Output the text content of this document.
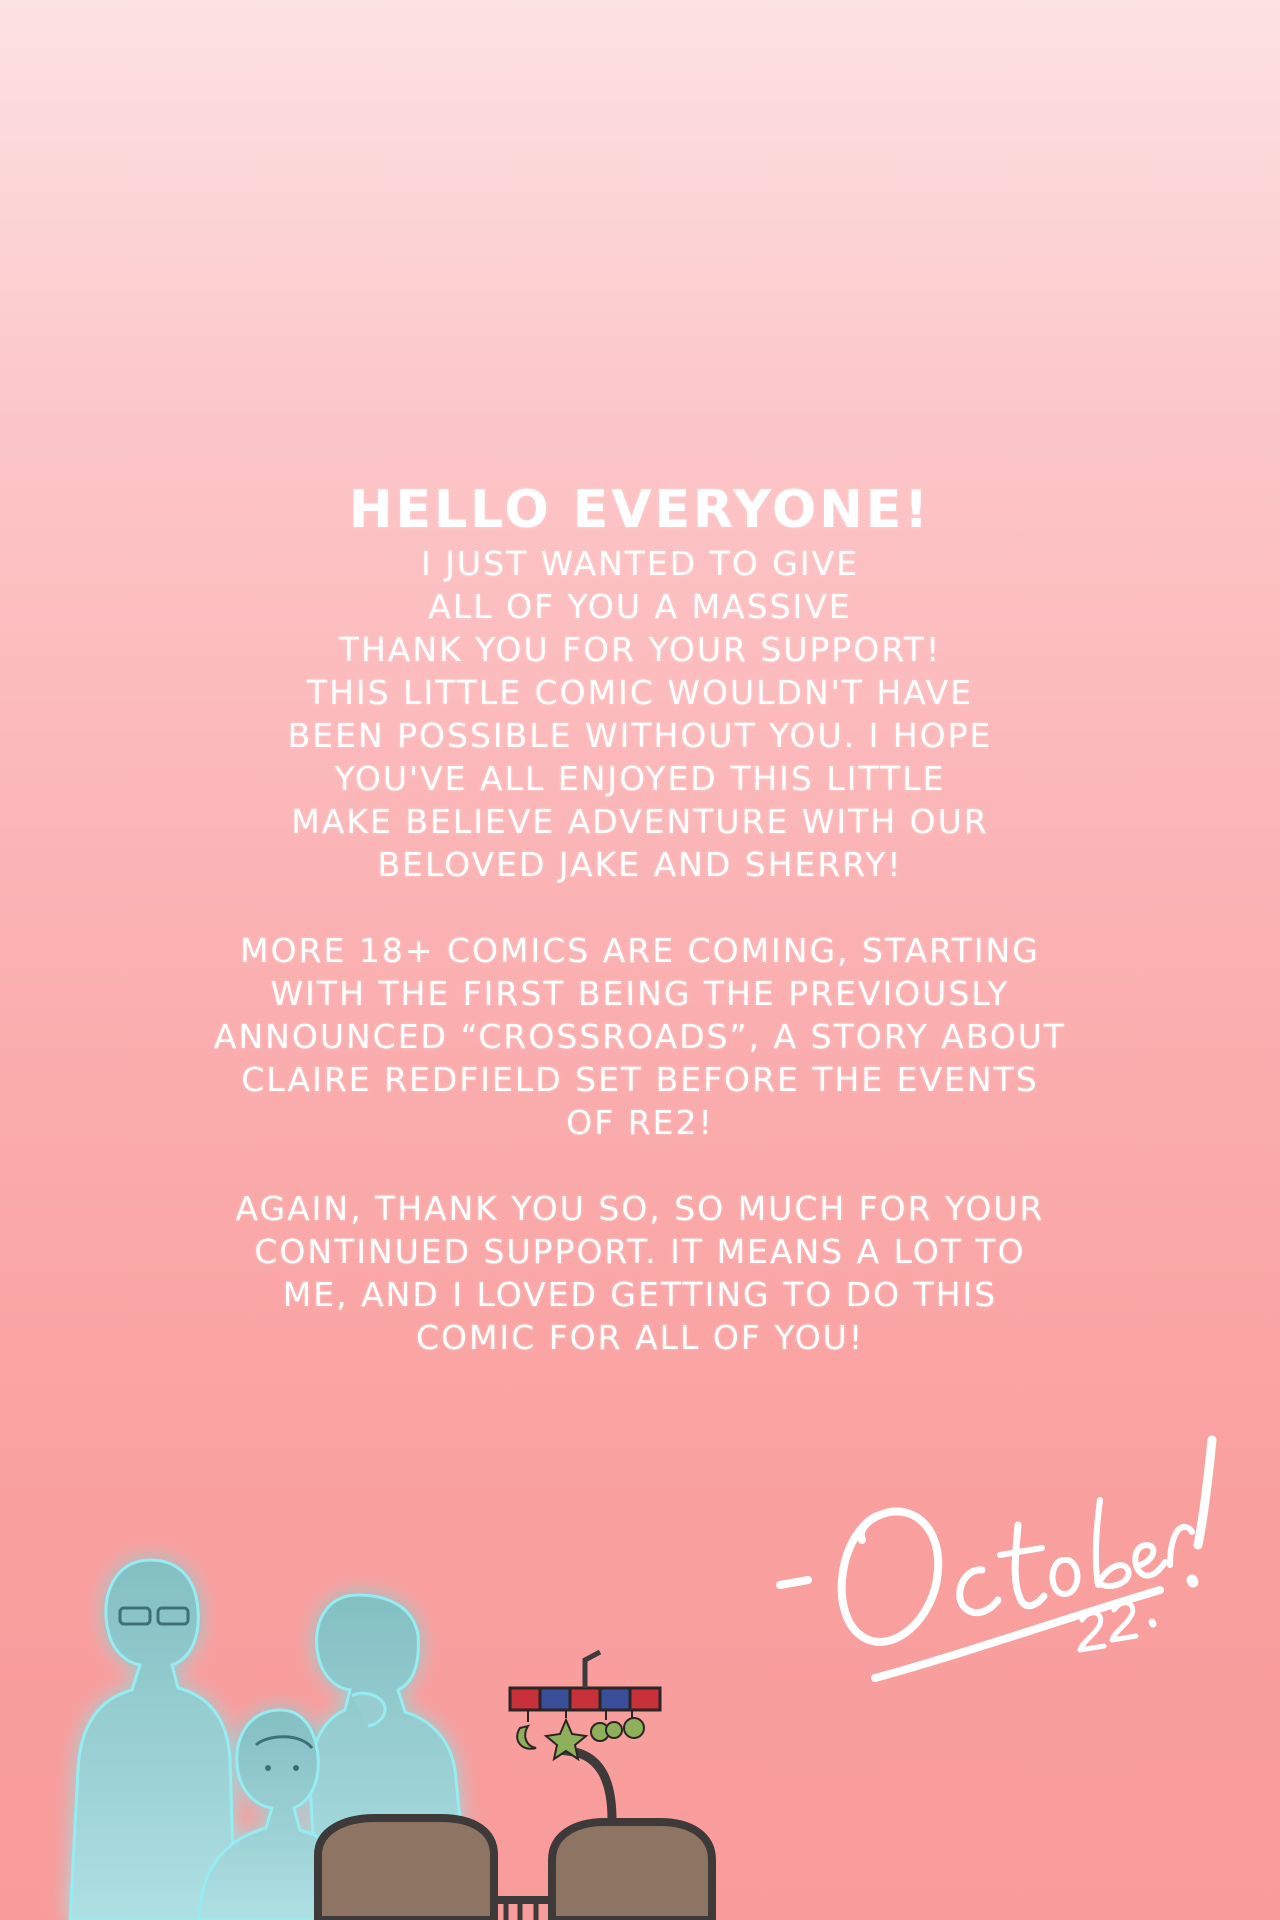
HELLO EVERYONE!
I JUST WANTED TO GIVE
ALL OF YOU A MASSIVE
THANK YOU FOR YOUR SUPPORT!
THIS LITTLE COMIC WOULDN'T HAVE
BEEN POSSIBLE WITHOUT YOU. I HOPE
YOU'VE ALL ENJOYED THIS LITTLE
MAKE BELIEVE ADVENTURE WITH OUR
BELOVED JAKE AND SHERRY!
MORE 18+ COMICS ARE COMING, STARTING
WITH THE FIRST BEING THE PREVIOUSLY
ANNOUNCED “CROSSROADS”, A STORY ABOUT
CLAIRE REDFIELD SET BEFORE THE EVENTS
OF RE2!
AGAIN, THANK YOU SO, SO MUCH FOR YOUR
CONTINUED SUPPORT. IT MEANS A LOT TO
ME, AND I LOVED GETTING TO DO THIS
COMIC FOR ALL OF YOU!
